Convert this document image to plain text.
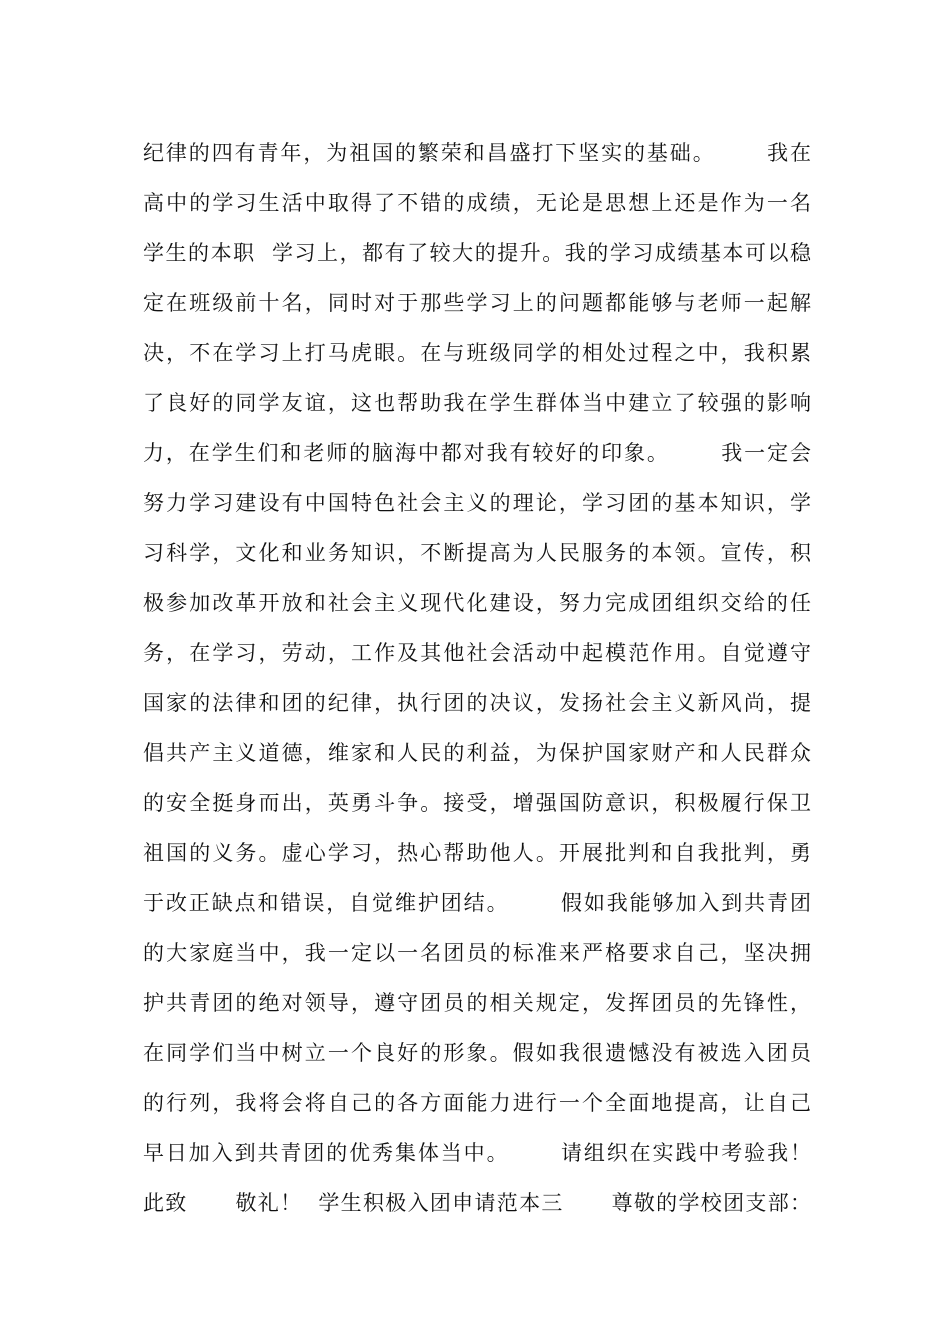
纪律的四有青年，为祖国的繁荣和昌盛打下坚实的基础。      我在
高中的学习生活中取得了不错的成绩，无论是思想上还是作为一名
学生的本职  学习上，都有了较大的提升。我的学习成绩基本可以稳
定在班级前十名，同时对于那些学习上的问题都能够与老师一起解
决，不在学习上打马虎眼。在与班级同学的相处过程之中，我积累
了良好的同学友谊，这也帮助我在学生群体当中建立了较强的影响
力，在学生们和老师的脑海中都对我有较好的印象。      我一定会
努力学习建设有中国特色社会主义的理论，学习团的基本知识，学
习科学，文化和业务知识，不断提高为人民服务的本领。宣传，积
极参加改革开放和社会主义现代化建设，努力完成团组织交给的任
务，在学习，劳动，工作及其他社会活动中起模范作用。自觉遵守
国家的法律和团的纪律，执行团的决议，发扬社会主义新风尚，提
倡共产主义道德，维家和人民的利益，为保护国家财产和人民群众
的安全挺身而出，英勇斗争。接受，增强国防意识，积极履行保卫
祖国的义务。虚心学习，热心帮助他人。开展批判和自我批判，勇
于改正缺点和错误，自觉维护团结。      假如我能够加入到共青团
的大家庭当中，我一定以一名团员的标准来严格要求自己，坚决拥
护共青团的绝对领导，遵守团员的相关规定，发挥团员的先锋性，
在同学们当中树立一个良好的形象。假如我很遗憾没有被选入团员
的行列，我将会将自己的各方面能力进行一个全面地提高，让自己
早日加入到共青团的优秀集体当中。      请组织在实践中考验我！
此致      敬礼！  学生积极入团申请范本三      尊敬的学校团支部：
